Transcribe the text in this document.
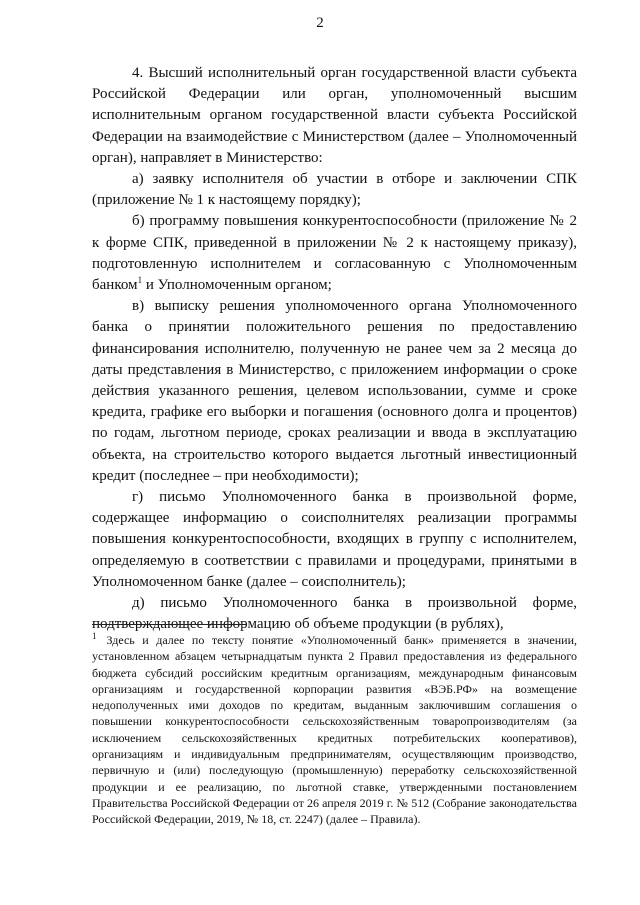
2

4. Высший исполнительный орган государственной власти субъекта Российской Федерации или орган, уполномоченный высшим исполнительным органом государственной власти субъекта Российской Федерации на взаимодействие с Министерством (далее – Уполномоченный орган), направляет в Министерство:

а) заявку исполнителя об участии в отборе и заключении СПК (приложение № 1 к настоящему порядку);

б) программу повышения конкурентоспособности (приложение № 2 к форме СПК, приведенной в приложении № 2 к настоящему приказу), подготовленную исполнителем и согласованную с Уполномоченным банком$^1$ и Уполномоченным органом;

в) выписку решения уполномоченного органа Уполномоченного банка о принятии положительного решения по предоставлению финансирования исполнителю, полученную не ранее чем за 2 месяца до даты представления в Министерство, с приложением информации о сроке действия указанного решения, целевом использовании, сумме и сроке кредита, графике его выборки и погашения (основного долга и процентов) по годам, льготном периоде, сроках реализации и ввода в эксплуатацию объекта, на строительство которого выдается льготный инвестиционный кредит (последнее – при необходимости);

г) письмо Уполномоченного банка в произвольной форме, содержащее информацию о соисполнителях реализации программы повышения конкурентоспособности, входящих в группу с исполнителем, определяемую в соответствии с правилами и процедурами, принятыми в Уполномоченном банке (далее – соисполнитель);

д) письмо Уполномоченного банка в произвольной форме, подтверждающее информацию об объеме продукции (в рублях),

$^1$ Здесь и далее по тексту понятие «Уполномоченный банк» применяется в значении, установленном абзацем четырнадцатым пункта 2 Правил предоставления из федерального бюджета субсидий российским кредитным организациям, международным финансовым организациям и государственной корпорации развития «ВЭБ.РФ» на возмещение недополученных ими доходов по кредитам, выданным заключившим соглашения о повышении конкурентоспособности сельскохозяйственным товаропроизводителям (за исключением сельскохозяйственных кредитных потребительских кооперативов), организациям и индивидуальным предпринимателям, осуществляющим производство, первичную и (или) последующую (промышленную) переработку сельскохозяйственной продукции и ее реализацию, по льготной ставке, утвержденными постановлением Правительства Российской Федерации от 26 апреля 2019 г. № 512 (Собрание законодательства Российской Федерации, 2019, № 18, ст. 2247) (далее – Правила).
